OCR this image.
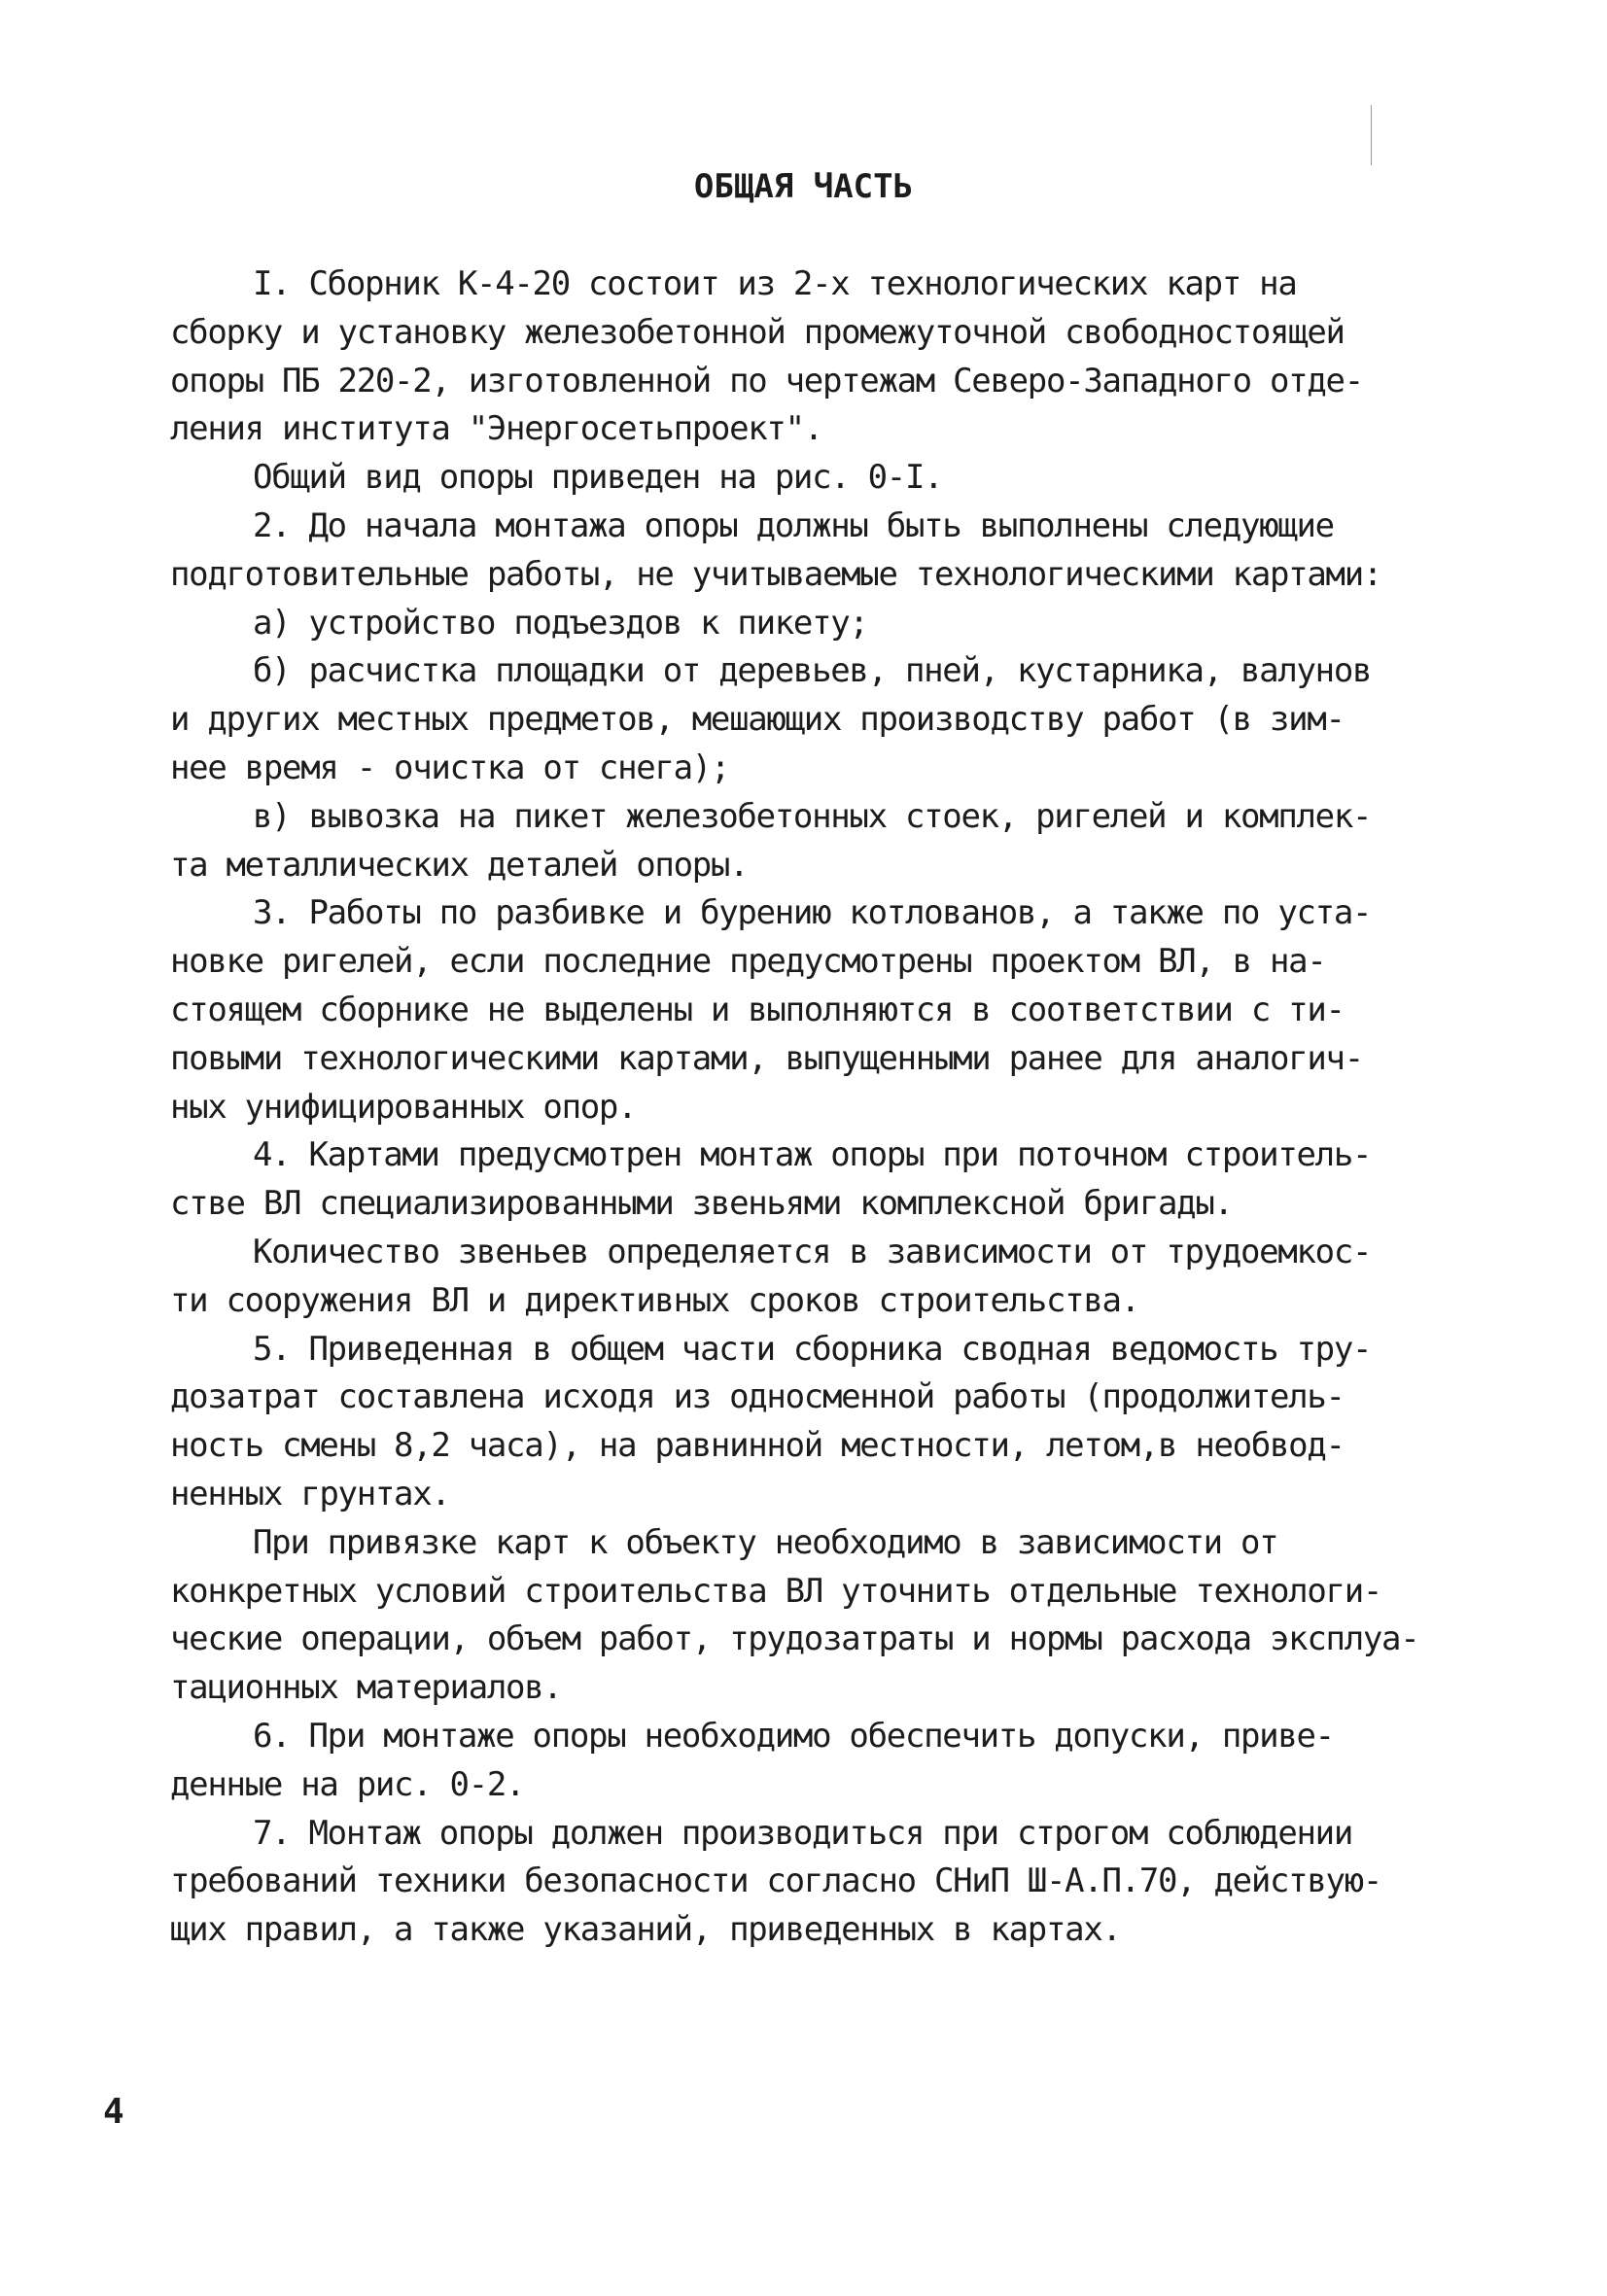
ОБЩАЯ ЧАСТЬ
I. Сборник К-4-20 состоит из 2-х технологических карт на
сборку и установку железобетонной промежуточной свободностоящей
опоры ПБ 220-2, изготовленной по чертежам Северо-Западного отде-
ления института "Энергосетьпроект".
Общий вид опоры приведен на рис. 0-I.
2. До начала монтажа опоры должны быть выполнены следующие
подготовительные работы, не учитываемые технологическими картами:
а) устройство подъездов к пикету;
б) расчистка площадки от деревьев, пней, кустарника, валунов
и других местных предметов, мешающих производству работ (в зим-
нее время - очистка от снега);
в) вывозка на пикет железобетонных стоек, ригелей и комплек-
та металлических деталей опоры.
3. Работы по разбивке и бурению котлованов, а также по уста-
новке ригелей, если последние предусмотрены проектом ВЛ, в на-
стоящем сборнике не выделены и выполняются в соответствии с ти-
повыми технологическими картами, выпущенными ранее для аналогич-
ных унифицированных опор.
4. Картами предусмотрен монтаж опоры при поточном строитель-
стве ВЛ специализированными звеньями комплексной бригады.
Количество звеньев определяется в зависимости от трудоемкос-
ти сооружения ВЛ и директивных сроков строительства.
5. Приведенная в общем части сборника сводная ведомость тру-
дозатрат составлена исходя из односменной работы (продолжитель-
ность смены 8,2 часа), на равнинной местности, летом,в необвод-
ненных грунтах.
При привязке карт к объекту необходимо в зависимости от
конкретных условий строительства ВЛ уточнить отдельные технологи-
ческие операции, объем работ, трудозатраты и нормы расхода эксплуа-
тационных материалов.
6. При монтаже опоры необходимо обеспечить допуски, приве-
денные на рис. 0-2.
7. Монтаж опоры должен производиться при строгом соблюдении
требований техники безопасности согласно СНиП Ш-А.П.70, действую-
щих правил, а также указаний, приведенных в картах.
4
